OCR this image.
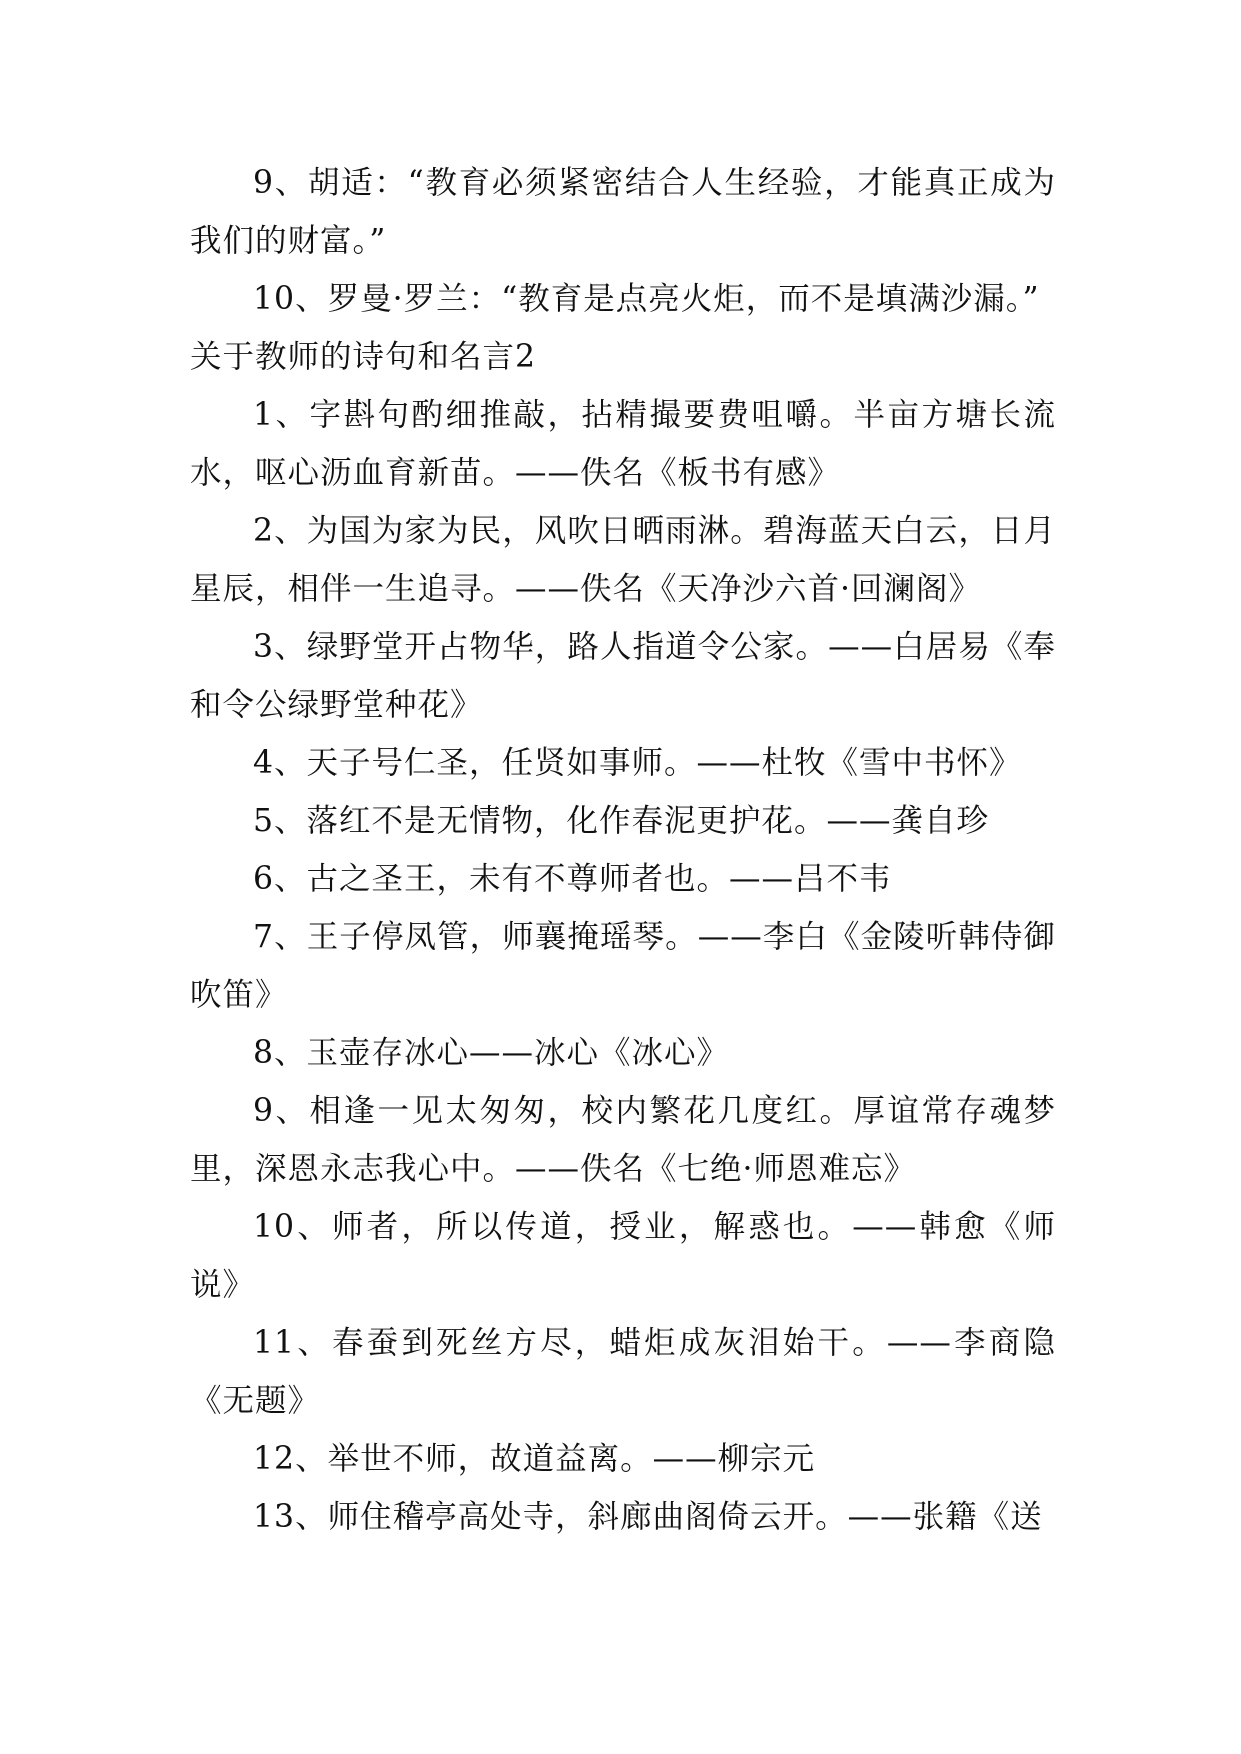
9、胡适：“教育必须紧密结合人生经验，才能真正成为我们的财富。”

10、罗曼·罗兰：“教育是点亮火炬，而不是填满沙漏。”

关于教师的诗句和名言2

1、字斟句酌细推敲，拈精撮要费咀嚼。半亩方塘长流水，呕心沥血育新苗。——佚名《板书有感》

2、为国为家为民，风吹日晒雨淋。碧海蓝天白云，日月星辰，相伴一生追寻。——佚名《天净沙六首·回澜阁》

3、绿野堂开占物华，路人指道令公家。——白居易《奉和令公绿野堂种花》

4、天子号仁圣，任贤如事师。——杜牧《雪中书怀》

5、落红不是无情物，化作春泥更护花。——龚自珍

6、古之圣王，未有不尊师者也。——吕不韦

7、王子停凤管，师襄掩瑶琴。——李白《金陵听韩侍御吹笛》

8、玉壶存冰心——冰心《冰心》

9、相逢一见太匆匆，校内繁花几度红。厚谊常存魂梦里，深恩永志我心中。——佚名《七绝·师恩难忘》

10、师者，所以传道，授业，解惑也。——韩愈《师说》

11、春蚕到死丝方尽，蜡炬成灰泪始干。——李商隐《无题》

12、举世不师，故道益离。——柳宗元

13、师住稽亭高处寺，斜廊曲阁倚云开。——张籍《送
